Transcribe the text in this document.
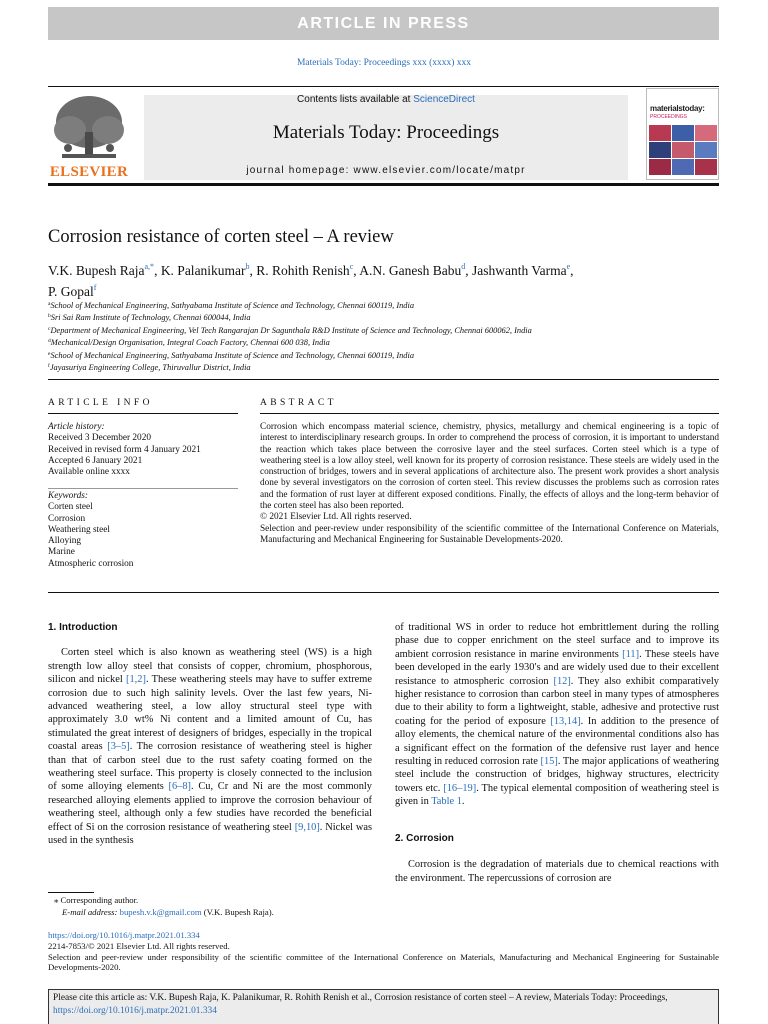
ARTICLE IN PRESS
Materials Today: Proceedings xxx (xxxx) xxx
ELSEVIER
Contents lists available at ScienceDirect
Materials Today: Proceedings
journal homepage: www.elsevier.com/locate/matpr
materialstoday:
PROCEEDINGS
Corrosion resistance of corten steel – A review
V.K. Bupesh Raja$^{a,*}$, K. Palanikumar$^b$, R. Rohith Renish$^c$, A.N. Ganesh Babu$^d$, Jashwanth Varma$^e$,
P. Gopal$^f$
$^a$School of Mechanical Engineering, Sathyabama Institute of Science and Technology, Chennai 600119, India
$^b$Sri Sai Ram Institute of Technology, Chennai 600044, India
$^c$Department of Mechanical Engineering, Vel Tech Rangarajan Dr Sagunthala R&D Institute of Science and Technology, Chennai 600062, India
$^d$Mechanical/Design Organisation, Integral Coach Factory, Chennai 600 038, India
$^e$School of Mechanical Engineering, Sathyabama Institute of Science and Technology, Chennai 600119, India
$^f$Jayasuriya Engineering College, Thiruvallur District, India
ARTICLE INFO	ABSTRACT
Article history:
Received 3 December 2020
Received in revised form 4 January 2021
Accepted 6 January 2021
Available online xxxx
Keywords:
Corten steel
Corrosion
Weathering steel
Alloying
Marine
Atmospheric corrosion
Corrosion which encompass material science, chemistry, physics, metallurgy and chemical engineering is a topic of interest to interdisciplinary research groups. In order to comprehend the process of corrosion, it is important to understand the reaction which takes place between the corrosive layer and the steel surfaces. Corten steel which is a type of weathering steel is a low alloy steel, well known for its property of corrosion resistance. These steels are widely used in the construction of bridges, towers and in several applications of architecture also. The present work provides a short analysis done by several investigators on the corrosion of corten steel. This review discusses the problems such as corrosion rates and the formation of rust layer at different exposed conditions. Finally, the effects of alloys and the long-term behavior of the corten steel has also been reported.
© 2021 Elsevier Ltd. All rights reserved.
Selection and peer-review under responsibility of the scientific committee of the International Conference on Materials, Manufacturing and Mechanical Engineering for Sustainable Developments-2020.
1. Introduction

Corten steel which is also known as weathering steel (WS) is a high strength low alloy steel that consists of copper, chromium, phosphorous, silicon and nickel [1,2]. These weathering steels may have to suffer extreme corrosion due to such high salinity levels. Over the last few years, Ni-advanced weathering steel, a low alloy structural steel type with approximately 3.0 wt% Ni content and a limited amount of Cu, has stimulated the great interest of designers of bridges, especially in the tropical coastal areas [3–5]. The corrosion resistance of weathering steel is higher than that of carbon steel due to the rust safety coating formed on the weathering steel surface. This property is closely connected to the inclusion of some alloying elements [6–8]. Cu, Cr and Ni are the most commonly researched alloying elements applied to improve the corrosion behaviour of weathering steel, although only a few studies have recorded the beneficial effect of Si on the corrosion resistance of weathering steel [9,10]. Nickel was used in the synthesis

of traditional WS in order to reduce hot embrittlement during the rolling phase due to copper enrichment on the steel surface and to improve its ambient corrosion resistance in marine environments [11]. These steels have been developed in the early 1930′s and are widely used due to their excellent resistance to atmospheric corrosion [12]. They also exhibit comparatively higher resistance to corrosion than carbon steel in many types of atmospheres due to their ability to form a lightweight, stable, adhesive and protective rust coating for the period of exposure [13,14]. In addition to the presence of alloy elements, the chemical nature of the environmental conditions also has a significant effect on the formation of the defensive rust layer and hence resulting in reduced corrosion rate [15]. The major applications of weathering steel include the construction of bridges, highway structures, electricity towers etc. [16–19]. The typical elemental composition of weathering steel is given in Table 1.
2. Corrosion

Corrosion is the degradation of materials due to chemical reactions with the environment. The repercussions of corrosion are

⁎ Corresponding author.
E-mail address: bupesh.v.k@gmail.com (V.K. Bupesh Raja).
https://doi.org/10.1016/j.matpr.2021.01.334
2214-7853/© 2021 Elsevier Ltd. All rights reserved.
Selection and peer-review under responsibility of the scientific committee of the International Conference on Materials, Manufacturing and Mechanical Engineering for Sustainable Developments-2020.
Please cite this article as: V.K. Bupesh Raja, K. Palanikumar, R. Rohith Renish et al., Corrosion resistance of corten steel – A review, Materials Today: Proceedings, https://doi.org/10.1016/j.matpr.2021.01.334
